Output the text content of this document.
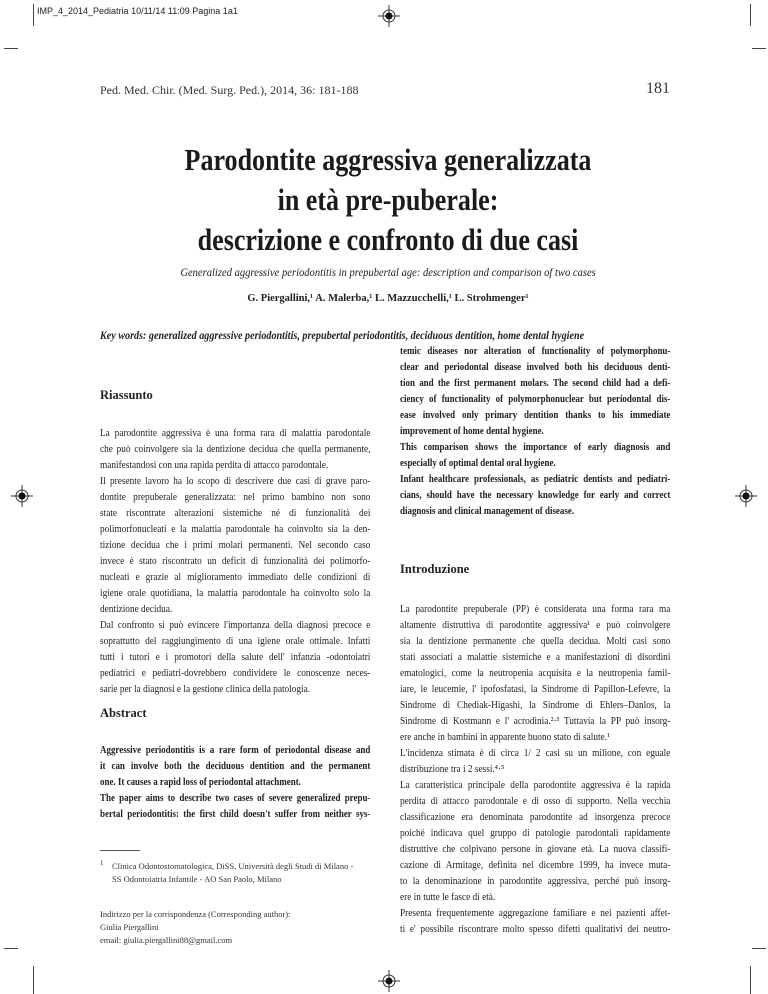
IMP_4_2014_Pediatria 10/11/14 11:09 Pagina 1a1
Ped. Med. Chir. (Med. Surg. Ped.), 2014, 36: 181-188	181
Parodontite aggressiva generalizzata
in età pre-puberale:
descrizione e confronto di due casi
Generalized aggressive periodontitis in prepubertal age: description and comparison of two cases
G. Piergallini,¹ A. Malerba,¹ L. Mazzucchelli,¹ L. Strohmenger¹
Key words: generalized aggressive periodontitis, prepubertal periodontitis, deciduous dentition, home dental hygiene
Riassunto
La parodontite aggressiva è una forma rara di malattia parodontale
che può coinvolgere sia la dentizione decidua che quella permanente,
manifestandosi con una rapida perdita di attacco parodontale.
Il presente lavoro ha lo scopo di descrivere due casi di grave paro-
dontite prepuberale generalizzata: nel primo bambino non sono
state riscontrate alterazioni sistemiche né di funzionalità dei
polimorfonucleati e la malattia parodontale ha coinvolto sia la den-
tizione decidua che i primi molari permanenti. Nel secondo caso
invece è stato riscontrato un deficit di funzionalità dei polimorfo-
nucleati e grazie al miglioramento immediato delle condizioni di
igiene orale quotidiana, la malattia parodontale ha coinvolto solo la
dentizione decidua.
Dal confronto si può evincere l'importanza della diagnosi precoce e
soprattutto del raggiungimento di una igiene orale ottimale. Infatti
tutti i tutori e i promotori della salute dell' infanzia -odontoiatri
pediatrici e pediatri-dovrebbero condividere le conoscenze neces-
sarie per la diagnosi e la gestione clinica della patologia.
Abstract
Aggressive periodontitis is a rare form of periodontal disease and
it can involve both the deciduous dentition and the permanent
one. It causes a rapid loss of periodontal attachment.
The paper aims to describe two cases of severe generalized prepu-
bertal periodontitis: the first child doesn't suffer from neither sys-
1 Clinica Odontostomatologica, DiSS, Università degli Studi di Milano -
SS Odontoiatria Infantile - AO San Paolo, Milano
Indirizzo per la corrispondenza (Corresponding author):
Giulia Piergallini
email: giulia.piergallini88@gmail.com
temic diseases nor alteration of functionality of polymorphonu-
clear and periodontal disease involved both his deciduous denti-
tion and the first permanent molars. The second child had a defi-
ciency of functionality of polymorphonuclear but periodontal dis-
ease involved only primary dentition thanks to his immediate
improvement of home dental hygiene.
This comparison shows the importance of early diagnosis and
especially of optimal dental oral hygiene.
Infant healthcare professionals, as pediatric dentists and pediatri-
cians, should have the necessary knowledge for early and correct
diagnosis and clinical management of disease.
Introduzione
La parodontite prepuberale (PP) è considerata una forma rara ma
altamente distruttiva di parodontite aggressiva¹ e può coinvolgere
sia la dentizione permanente che quella decidua. Molti casi sono
stati associati a malattie sistemiche e a manifestazioni di disordini
ematologici, come la neutropenia acquisita e la neutropenia famil-
iare, le leucemie, l' ipofosfatasi, la Sindrome di Papillon-Lefevre, la
Sindrome di Chediak-Higashi, la Sindrome di Ehlers–Danlos, la
Sindrome di Kostmann e l' acrodinia.²·³ Tuttavia la PP può insorg-
ere anche in bambini in apparente buono stato di salute.¹
L'incidenza stimata è di circa 1/ 2 casi su un milione, con eguale
distribuzione tra i 2 sessi.⁴·⁵
La caratteristica principale della parodontite aggressiva è la rapida
perdita di attacco parodontale e di osso di supporto. Nella vecchia
classificazione era denominata parodontite ad insorgenza precoce
poiché indicava quel gruppo di patologie parodontali rapidamente
distruttive che colpivano persone in giovane età. La nuova classifi-
cazione di Armitage, definita nel dicembre 1999, ha invece muta-
to la denominazione in parodontite aggressiva, perché può insorg-
ere in tutte le fasce di età.
Presenta frequentemente aggregazione familiare e nei pazienti affet-
ti e' possibile riscontrare molto spesso difetti qualitativi dei neutro-
